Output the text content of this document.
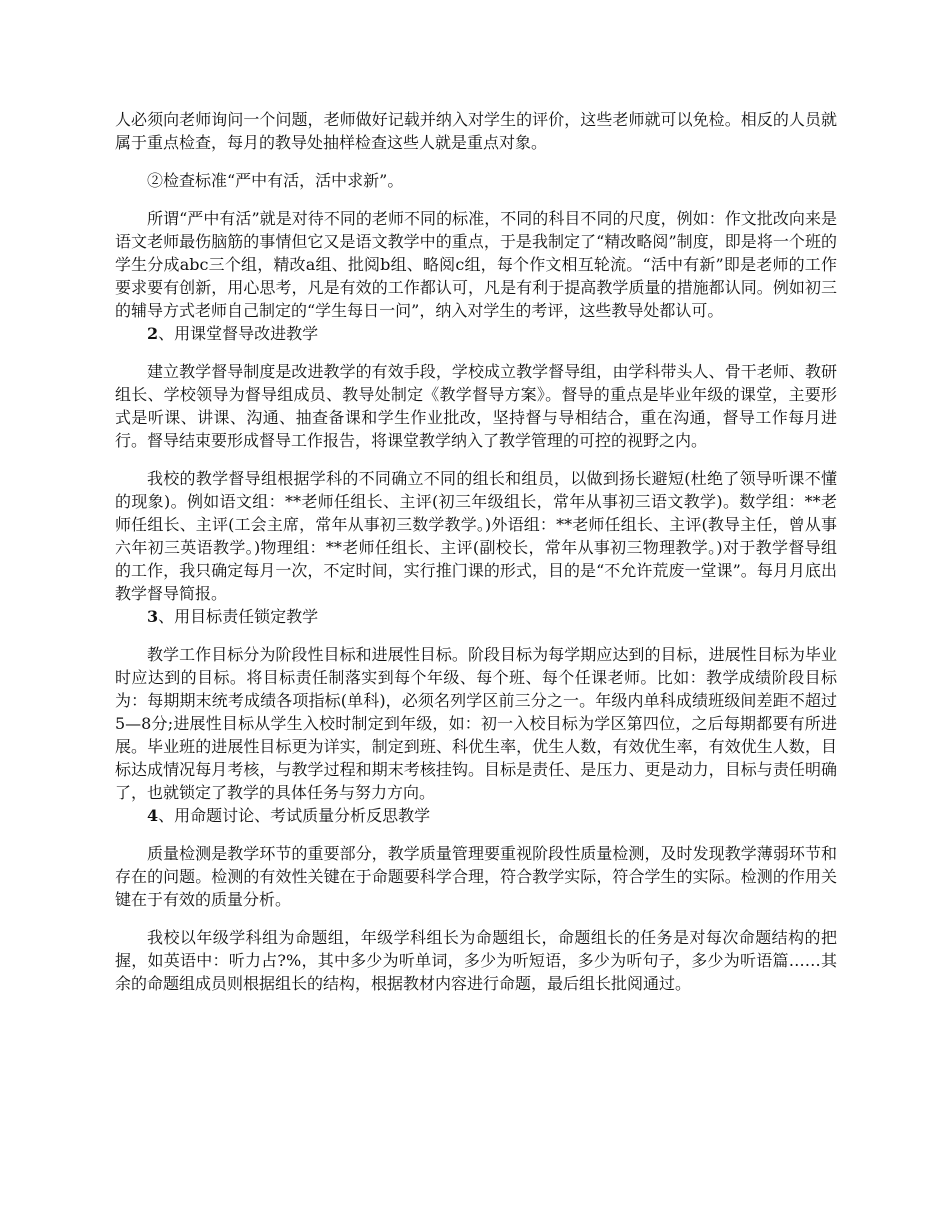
人必须向老师询问一个问题，老师做好记载并纳入对学生的评价，这些老师就可以免检。相反的人员就属于重点检查，每月的教导处抽样检查这些人就是重点对象。

②检查标准“严中有活，活中求新”。

所谓“严中有活”就是对待不同的老师不同的标准，不同的科目不同的尺度，例如：作文批改向来是语文老师最伤脑筋的事情但它又是语文教学中的重点，于是我制定了“精改略阅”制度，即是将一个班的学生分成abc三个组，精改a组、批阅b组、略阅c组，每个作文相互轮流。“活中有新”即是老师的工作要求要有创新，用心思考，凡是有效的工作都认可，凡是有利于提高教学质量的措施都认同。例如初三的辅导方式老师自己制定的“学生每日一问”，纳入对学生的考评，这些教导处都认可。

2、用课堂督导改进教学

建立教学督导制度是改进教学的有效手段，学校成立教学督导组，由学科带头人、骨干老师、教研组长、学校领导为督导组成员、教导处制定《教学督导方案》。督导的重点是毕业年级的课堂，主要形式是听课、讲课、沟通、抽查备课和学生作业批改，坚持督与导相结合，重在沟通，督导工作每月进行。督导结束要形成督导工作报告，将课堂教学纳入了教学管理的可控的视野之内。

我校的教学督导组根据学科的不同确立不同的组长和组员，以做到扬长避短(杜绝了领导听课不懂的现象)。例如语文组：**老师任组长、主评(初三年级组长，常年从事初三语文教学)。数学组：**老师任组长、主评(工会主席，常年从事初三数学教学。)外语组：**老师任组长、主评(教导主任，曾从事六年初三英语教学。)物理组：**老师任组长、主评(副校长，常年从事初三物理教学。)对于教学督导组的工作，我只确定每月一次，不定时间，实行推门课的形式，目的是“不允许荒废一堂课”。每月月底出教学督导简报。

3、用目标责任锁定教学

教学工作目标分为阶段性目标和进展性目标。阶段目标为每学期应达到的目标，进展性目标为毕业时应达到的目标。将目标责任制落实到每个年级、每个班、每个任课老师。比如：教学成绩阶段目标为：每期期末统考成绩各项指标(单科)，必须名列学区前三分之一。年级内单科成绩班级间差距不超过5—8分;进展性目标从学生入校时制定到年级，如：初一入校目标为学区第四位，之后每期都要有所进展。毕业班的进展性目标更为详实，制定到班、科优生率，优生人数，有效优生率，有效优生人数，目标达成情况每月考核，与教学过程和期末考核挂钩。目标是责任、是压力、更是动力，目标与责任明确了，也就锁定了教学的具体任务与努力方向。

4、用命题讨论、考试质量分析反思教学

质量检测是教学环节的重要部分，教学质量管理要重视阶段性质量检测，及时发现教学薄弱环节和存在的问题。检测的有效性关键在于命题要科学合理，符合教学实际，符合学生的实际。检测的作用关键在于有效的质量分析。

我校以年级学科组为命题组，年级学科组长为命题组长，命题组长的任务是对每次命题结构的把握，如英语中：听力占?%，其中多少为听单词，多少为听短语，多少为听句子，多少为听语篇……其余的命题组成员则根据组长的结构，根据教材内容进行命题，最后组长批阅通过。
